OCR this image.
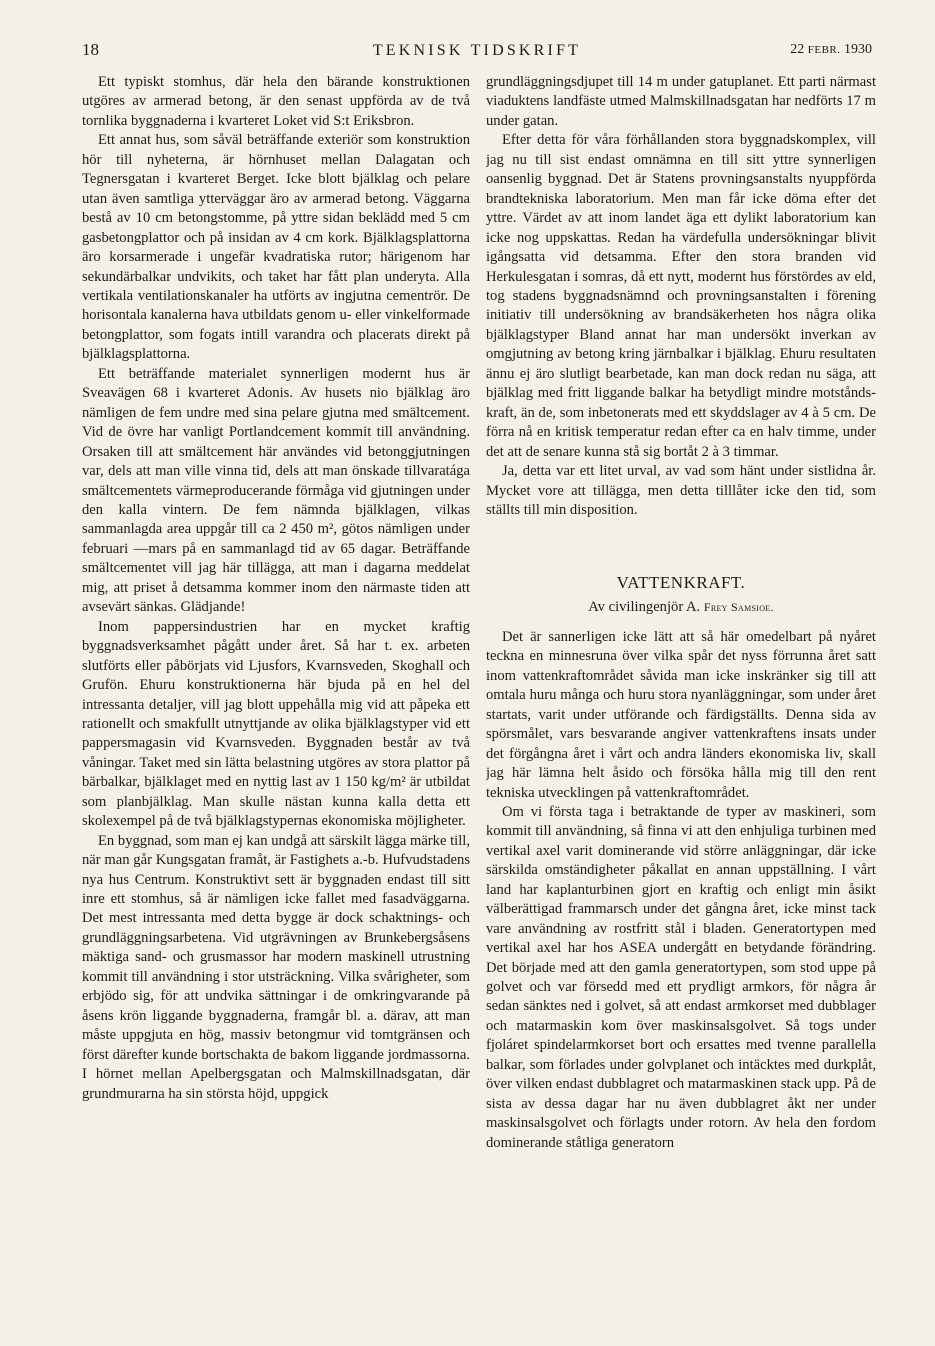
18	TEKNISK TIDSKRIFT	22 FEBR. 1930

Ett typiskt stomhus, där hela den bärande konstruktionen utgöres av armerad betong, är den senast uppförda av de två tornlika byggnaderna i kvarteret Loket vid S:t Eriksbron.

Ett annat hus, som såväl beträffande exteriör som konstruktion hör till nyheterna, är hörnhuset mellan Dalagatan och Tegnersgatan i kvarteret Berget. Icke blott bjälklag och pelare utan även samtliga ytterväggar äro av armerad betong. Väggarna bestå av 10 cm betongstomme, på yttre sidan beklädd med 5 cm gasbetongplattor och på insidan av 4 cm kork. Bjälklagsplattorna äro korsarmerade i ungefär kvadratiska rutor; härigenom har sekundärbalkar undvikits, och taket har fått plan underyta. Alla vertikala ventilationskanaler ha utförts av ingjutna cementrör. De horisontala kanalerna hava utbildats genom u- eller vinkelformade betongplattor, som fogats intill varandra och placerats direkt på bjälklagsplattorna.

Ett beträffande materialet synnerligen modernt hus är Sveavägen 68 i kvarteret Adonis. Av husets nio bjälklag äro nämligen de fem undre med sina pelare gjutna med smältcement. Vid de övre har vanligt Portlandcement kommit till användning. Orsaken till att smältcement här användes vid betonggjutningen var, dels att man ville vinna tid, dels att man önskade tillvaratága smältcementets värmeproducerande förmåga vid gjutningen under den kalla vintern. De fem nämnda bjälklagen, vilkas sammanlagda area uppgår till ca 2 450 m², götos nämligen under februari —mars på en sammanlagd tid av 65 dagar. Beträffande smältcementet vill jag här tillägga, att man i dagarna meddelat mig, att priset å detsamma kommer inom den närmaste tiden att avsevärt sänkas. Glädjande!

Inom pappersindustrien har en mycket kraftig byggnadsverksamhet pågått under året. Så har t. ex. arbeten slutförts eller påbörjats vid Ljusfors, Kvarnsveden, Skoghall och Grufön. Ehuru konstruktionerna här bjuda på en hel del intressanta detaljer, vill jag blott uppehålla mig vid att påpeka ett rationellt och smakfullt utnyttjande av olika bjälklagstyper vid ett pappersmagasin vid Kvarnsveden. Byggnaden består av två våningar. Taket med sin lätta belastning utgöres av stora plattor på bärbalkar, bjälklaget med en nyttig last av 1 150 kg/m² är utbildat som planbjälklag. Man skulle nästan kunna kalla detta ett skolexempel på de två bjälklagstypernas ekonomiska möjligheter.

En byggnad, som man ej kan undgå att särskilt lägga märke till, när man går Kungsgatan framåt, är Fastighets a.-b. Hufvudstadens nya hus Centrum. Konstruktivt sett är byggnaden endast till sitt inre ett stomhus, så är nämligen icke fallet med fasadväggarna. Det mest intressanta med detta bygge är dock schaktnings- och grundläggningsarbetena. Vid utgrävningen av Brunkebergsåsens mäktiga sand- och grusmassor har modern maskinell utrustning kommit till användning i stor utsträckning. Vilka svårigheter, som erbjödo sig, för att undvika sättningar i de omkringvarande på åsens krön liggande byggnaderna, framgår bl. a. därav, att man måste uppgjuta en hög, massiv betongmur vid tomtgränsen och först därefter kunde bortschakta de bakom liggande jordmassorna. I hörnet mellan Apelbergsgatan och Malmskillnadsgatan, där grundmurarna ha sin största höjd, uppgick

grundläggningsdjupet till 14 m under gatuplanet. Ett parti närmast viaduktens landfäste utmed Malmskillnadsgatan har nedförts 17 m under gatan.

Efter detta för våra förhållanden stora byggnadskomplex, vill jag nu till sist endast omnämna en till sitt yttre synnerligen oansenlig byggnad. Det är Statens provningsanstalts nyuppförda brandtekniska laboratorium. Men man får icke döma efter det yttre. Värdet av att inom landet äga ett dylikt laboratorium kan icke nog uppskattas. Redan ha värdefulla undersökningar blivit igångsatta vid detsamma. Efter den stora branden vid Herkulesgatan i somras, då ett nytt, modernt hus förstördes av eld, tog stadens byggnadsnämnd och provningsanstalten i förening initiativ till undersökning av brandsäkerheten hos några olika bjälklagstyper Bland annat har man undersökt inverkan av omgjutning av betong kring järnbalkar i bjälklag. Ehuru resultaten ännu ej äro slutligt bearbetade, kan man dock redan nu säga, att bjälklag med fritt liggande balkar ha betydligt mindre motståndskraft, än de, som inbetonerats med ett skyddslager av 4 à 5 cm. De förra nå en kritisk temperatur redan efter ca en halv timme, under det att de senare kunna stå sig bortåt 2 à 3 timmar.

Ja, detta var ett litet urval, av vad som hänt under sistlidna år. Mycket vore att tillägga, men detta tilllåter icke den tid, som ställts till min disposition.

VATTENKRAFT.
Av civilingenjör A. Frey Samsioe.

Det är sannerligen icke lätt att så här omedelbart på nyåret teckna en minnesruna över vilka spår det nyss förrunna året satt inom vattenkraftområdet såvida man icke inskränker sig till att omtala huru många och huru stora nyanläggningar, som under året startats, varit under utförande och färdigställts. Denna sida av spörsmålet, vars besvarande angiver vattenkraftens insats under det förgångna året i vårt och andra länders ekonomiska liv, skall jag här lämna helt åsido och försöka hålla mig till den rent tekniska utvecklingen på vattenkraftområdet.

Om vi första taga i betraktande de typer av maskineri, som kommit till användning, så finna vi att den enhjuliga turbinen med vertikal axel varit dominerande vid större anläggningar, där icke särskilda omständigheter påkallat en annan uppställning. I vårt land har kaplanturbinen gjort en kraftig och enligt min åsikt välberättigad frammarsch under det gångna året, icke minst tack vare användning av rostfritt stål i bladen. Generatortypen med vertikal axel har hos ASEA undergått en betydande förändring. Det började med att den gamla generatortypen, som stod uppe på golvet och var försedd med ett prydligt armkors, för några år sedan sänktes ned i golvet, så att endast armkorset med dubblager och matarmaskin kom över maskinsalsgolvet. Så togs under fjoláret spindelarmkorset bort och ersattes med tvenne parallella balkar, som förlades under golvplanet och intäcktes med durkplåt, över vilken endast dubblagret och matarmaskinen stack upp. På de sista av dessa dagar har nu även dubblagret åkt ner under maskinsalsgolvet och förlagts under rotorn. Av hela den fordom dominerande ståtliga generatorn
